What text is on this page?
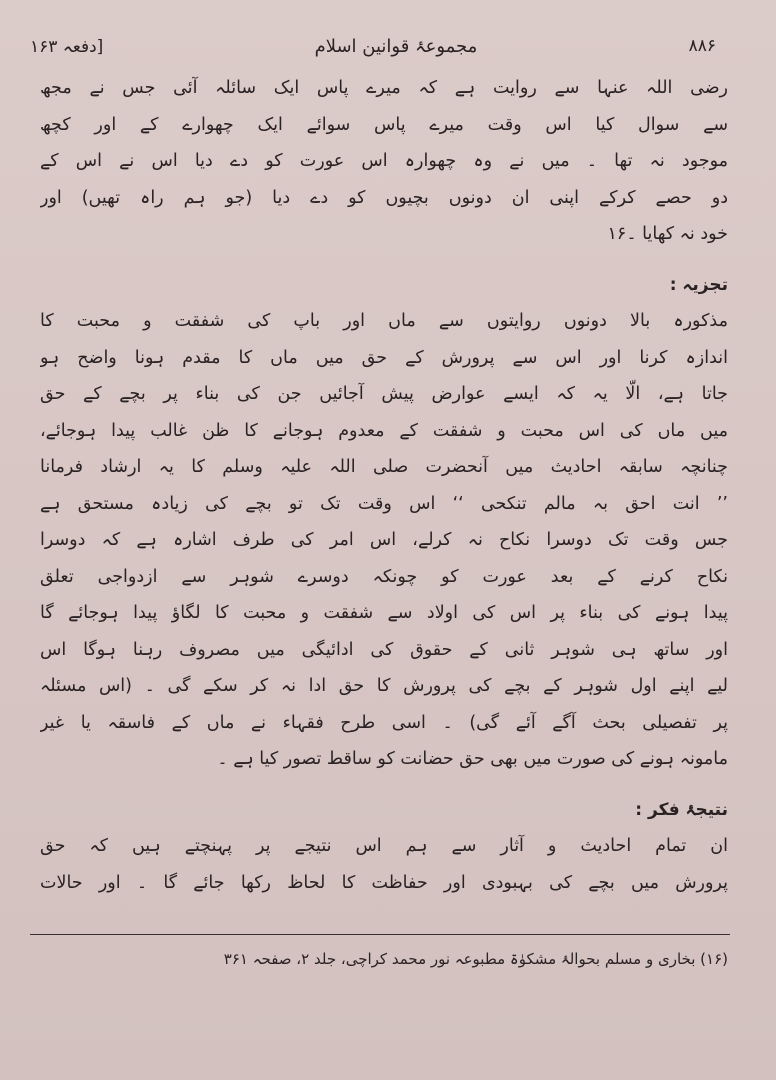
۸۸۶
مجموعۂ قوانین اسلام
[دفعہ ۱۶۳
رضی اللہ عنہا سے روایت ہے کہ میرے پاس ایک سائلہ آئی جس نے مجھ
سے سوال کیا اس وقت میرے پاس سوائے ایک چھوارے کے اور کچھ
موجود نہ تھا ۔ میں نے وہ چھوارہ اس عورت کو دے دیا اس نے اس کے
دو حصے کرکے اپنی ان دونوں بچیوں کو دے دیا (جو ہم راہ تھیں) اور
خود نہ کھایا ۔۱۶
تجزیہ :
مذکورہ بالا دونوں روایتوں سے ماں اور باپ کی شفقت و محبت کا
اندازہ کرنا اور اس سے پرورش کے حق میں ماں کا مقدم ہونا واضح ہو
جاتا ہے، الّا یہ کہ ایسے عوارض پیش آجائیں جن کی بناء پر بچے کے حق
میں ماں کی اس محبت و شفقت کے معدوم ہوجانے کا ظن غالب پیدا ہوجائے،
چنانچہ سابقہ احادیث میں آنحضرت صلی اللہ علیہ وسلم کا یہ ارشاد فرمانا
’’ انت احق بہ مالم تنکحی ‘‘ اس وقت تک تو بچے کی زیادہ مستحق ہے
جس وقت تک دوسرا نکاح نہ کرلے، اس امر کی طرف اشارہ ہے کہ دوسرا
نکاح کرنے کے بعد عورت کو چونکہ دوسرے شوہر سے ازدواجی تعلق
پیدا ہونے کی بناء پر اس کی اولاد سے شفقت و محبت کا لگاؤ پیدا ہوجائے گا
اور ساتھ ہی شوہر ثانی کے حقوق کی ادائیگی میں مصروف رہنا ہوگا اس
لیے اپنے اول شوہر کے بچے کی پرورش کا حق ادا نہ کر سکے گی ۔ (اس مسئلہ
پر تفصیلی بحث آگے آئے گی) ۔ اسی طرح فقہاء نے ماں کے فاسقہ یا غیر
مامونہ ہونے کی صورت میں بھی حق حضانت کو ساقط تصور کیا ہے ۔
نتیجۂ فکر :
ان تمام احادیث و آثار سے ہم اس نتیجے پر پہنچتے ہیں کہ حق
پرورش میں بچے کی بہبودی اور حفاظت کا لحاظ رکھا جائے گا ۔ اور حالات
(۱۶) بخاری و مسلم بحوالۂ مشکوٰۃ مطبوعہ نور محمد کراچی، جلد ۲، صفحہ ۳۶۱
